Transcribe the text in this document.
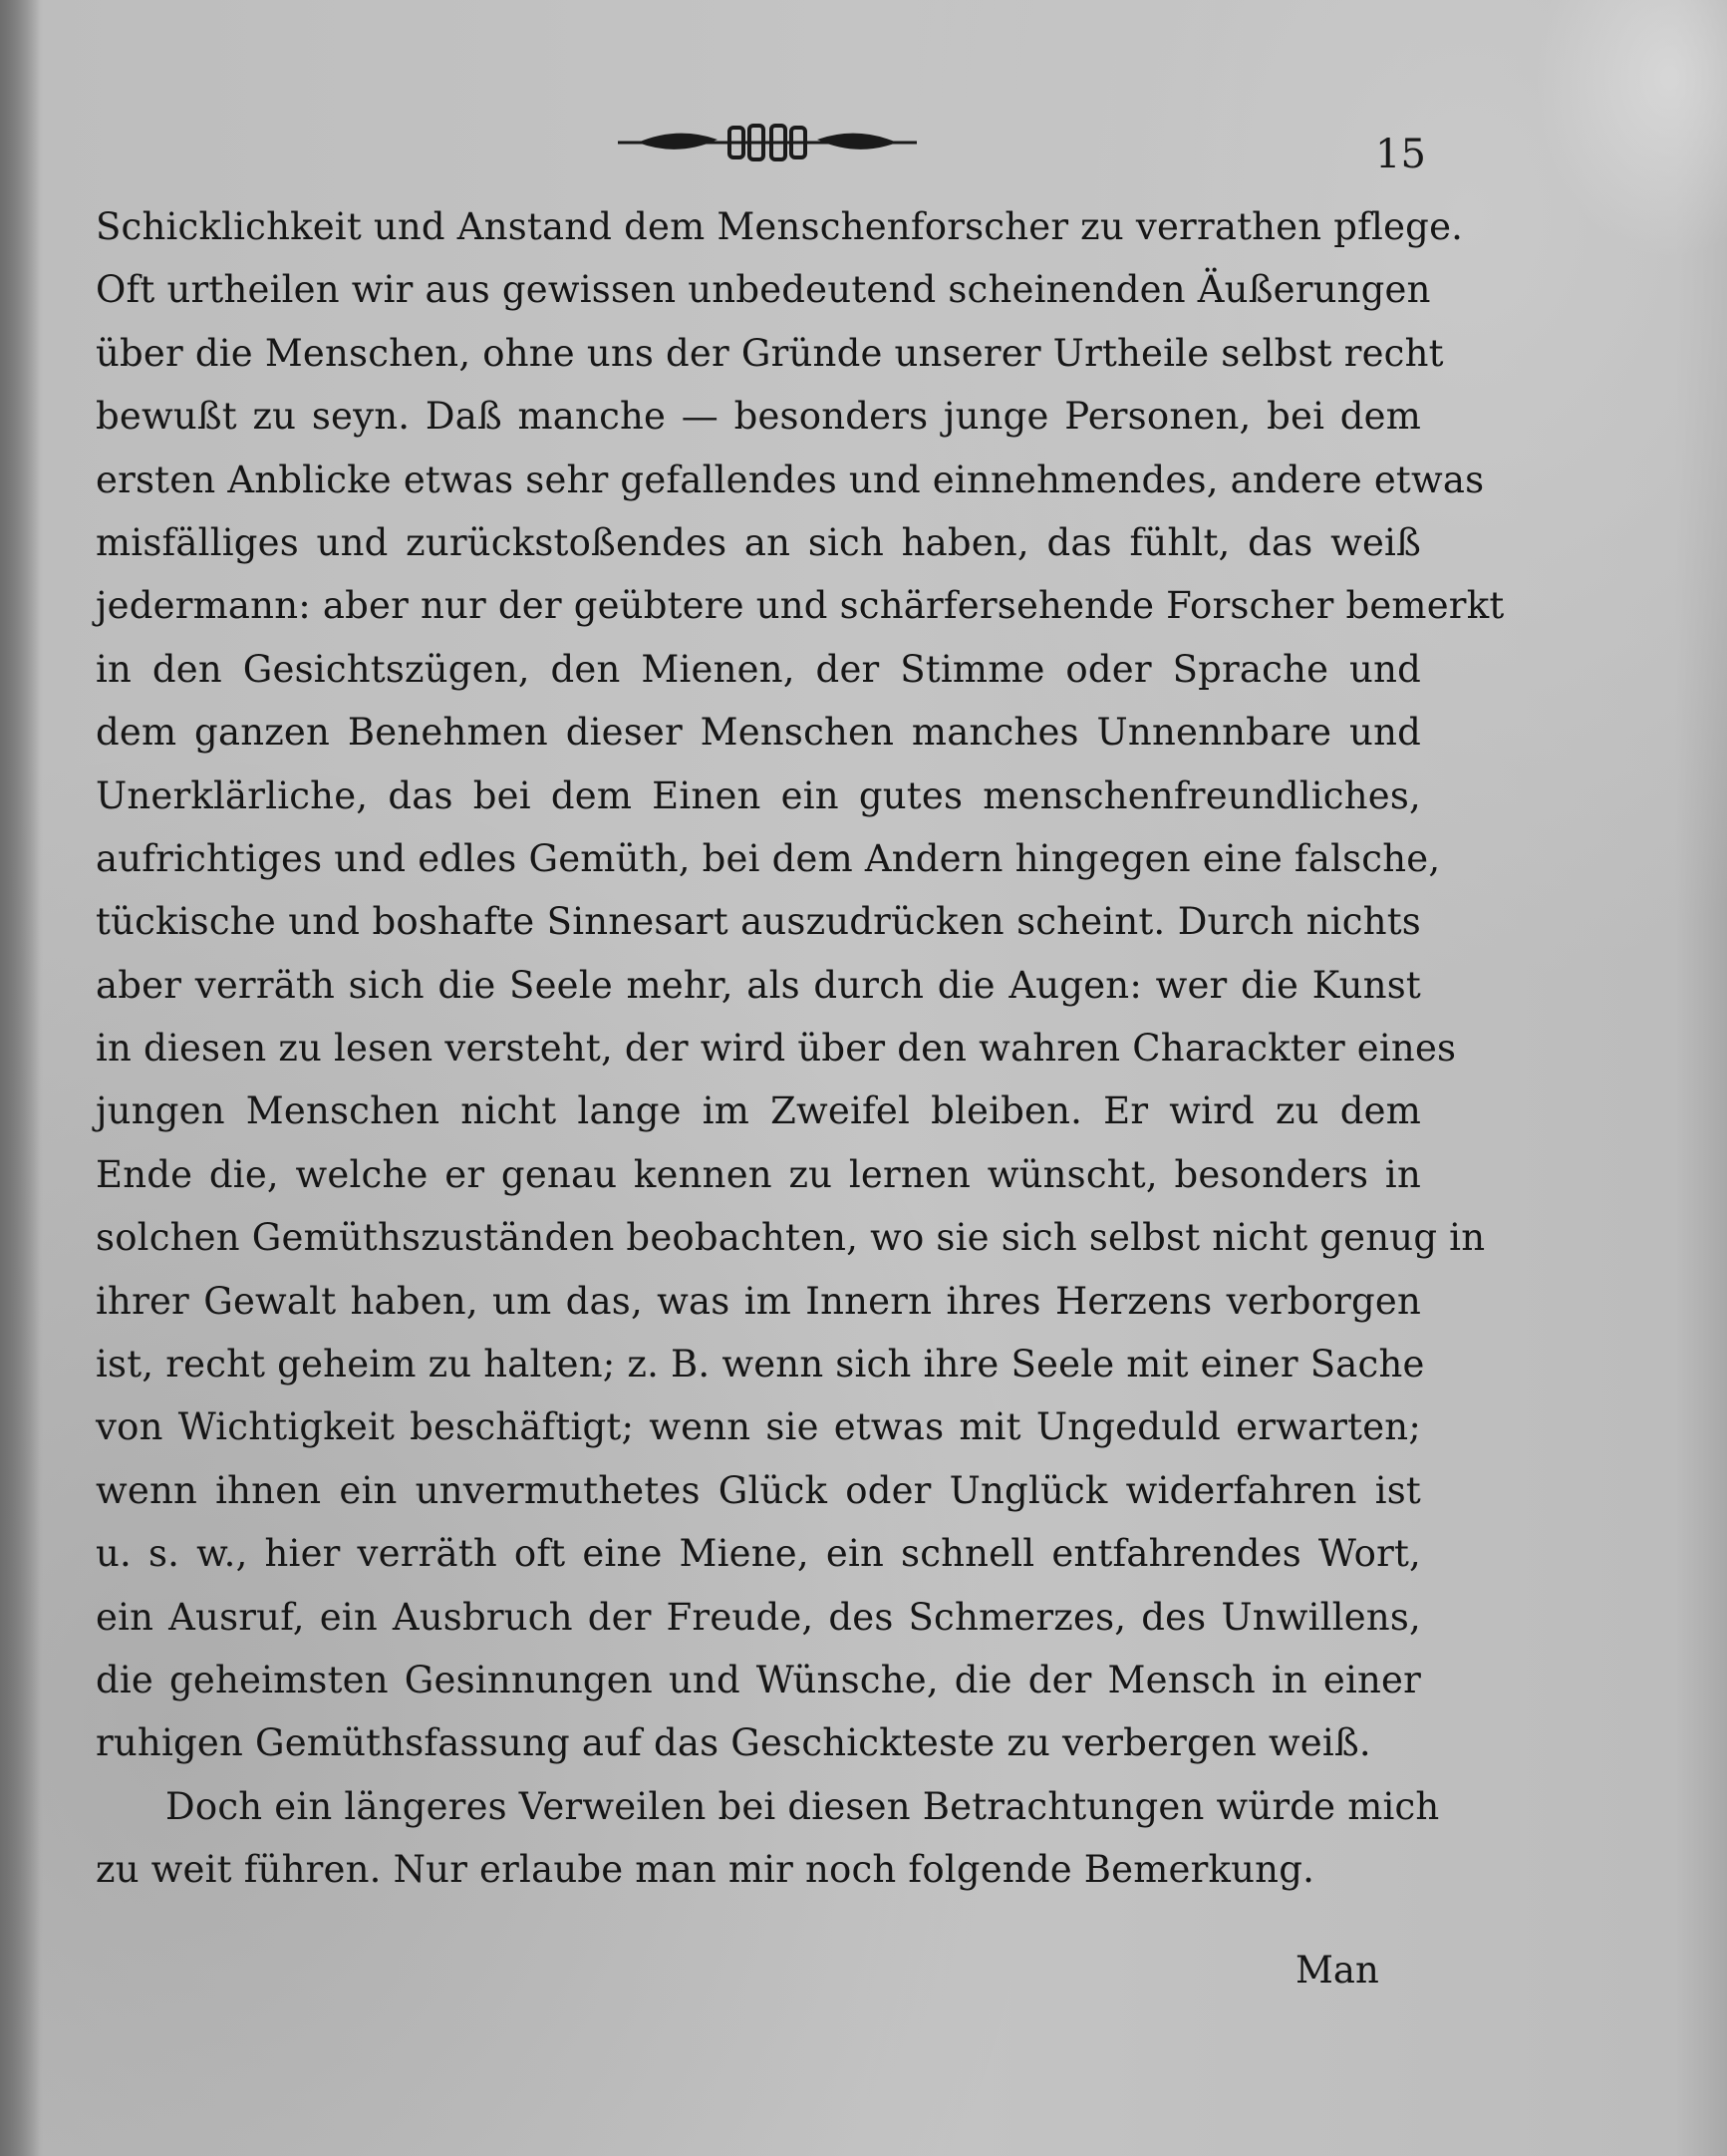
15
Schicklichkeit und Anstand dem Menschenforscher zu verrathen pflege.
Oft urtheilen wir aus gewissen unbedeutend scheinenden Äußerungen
über die Menschen, ohne uns der Gründe unserer Urtheile selbst recht
bewußt zu seyn. Daß manche — besonders junge Personen, bei dem
ersten Anblicke etwas sehr gefallendes und einnehmendes, andere etwas
misfälliges und zurückstoßendes an sich haben, das fühlt, das weiß
jedermann: aber nur der geübtere und schärfersehende Forscher bemerkt
in den Gesichtszügen, den Mienen, der Stimme oder Sprache und
dem ganzen Benehmen dieser Menschen manches Unnennbare und
Unerklärliche, das bei dem Einen ein gutes menschenfreundliches,
aufrichtiges und edles Gemüth, bei dem Andern hingegen eine falsche,
tückische und boshafte Sinnesart auszudrücken scheint. Durch nichts
aber verräth sich die Seele mehr, als durch die Augen: wer die Kunst
in diesen zu lesen versteht, der wird über den wahren Charackter eines
jungen Menschen nicht lange im Zweifel bleiben. Er wird zu dem
Ende die, welche er genau kennen zu lernen wünscht, besonders in
solchen Gemüthszuständen beobachten, wo sie sich selbst nicht genug in
ihrer Gewalt haben, um das, was im Innern ihres Herzens verborgen
ist, recht geheim zu halten; z. B. wenn sich ihre Seele mit einer Sache
von Wichtigkeit beschäftigt; wenn sie etwas mit Ungeduld erwarten;
wenn ihnen ein unvermuthetes Glück oder Unglück widerfahren ist
u. s. w., hier verräth oft eine Miene, ein schnell entfahrendes Wort,
ein Ausruf, ein Ausbruch der Freude, des Schmerzes, des Unwillens,
die geheimsten Gesinnungen und Wünsche, die der Mensch in einer
ruhigen Gemüthsfassung auf das Geschickteste zu verbergen weiß.
Doch ein längeres Verweilen bei diesen Betrachtungen würde mich
zu weit führen. Nur erlaube man mir noch folgende Bemerkung.
Man
